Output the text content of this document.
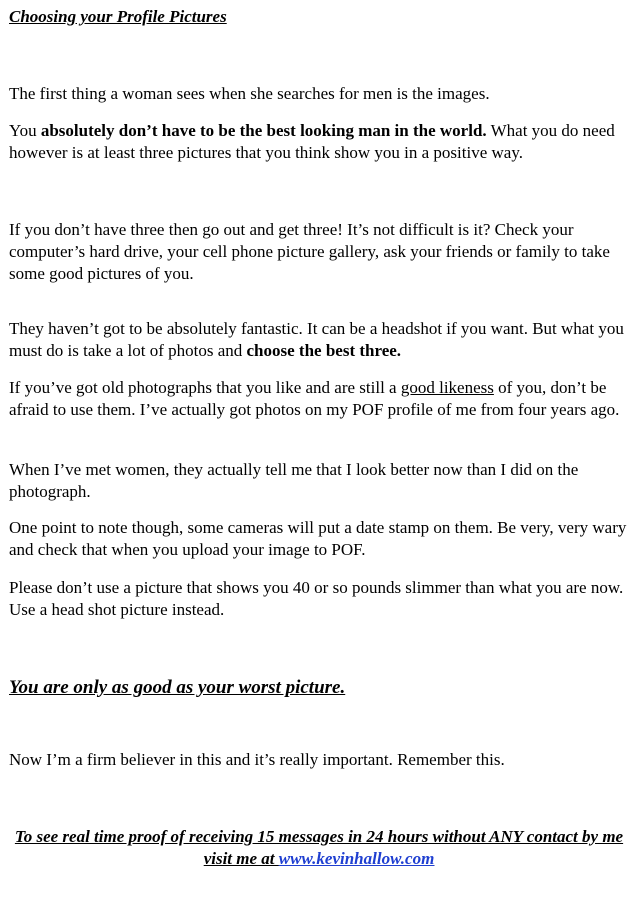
Choosing your Profile Pictures

The first thing a woman sees when she searches for men is the images.

You absolutely don’t have to be the best looking man in the world. What you do need however is at least three pictures that you think show you in a positive way.

If you don’t have three then go out and get three! It’s not difficult is it? Check your computer’s hard drive, your cell phone picture gallery, ask your friends or family to take some good pictures of you.

They haven’t got to be absolutely fantastic. It can be a headshot if you want. But what you must do is take a lot of photos and choose the best three.

If you’ve got old photographs that you like and are still a good likeness of you, don’t be afraid to use them. I’ve actually got photos on my POF profile of me from four years ago.

When I’ve met women, they actually tell me that I look better now than I did on the photograph.

One point to note though, some cameras will put a date stamp on them. Be very, very wary and check that when you upload your image to POF.

Please don’t use a picture that shows you 40 or so pounds slimmer than what you are now. Use a head shot picture instead.

You are only as good as your worst picture.

Now I’m a firm believer in this and it’s really important. Remember this.

To see real time proof of receiving 15 messages in 24 hours without ANY contact by me visit me at www.kevinhallow.com
